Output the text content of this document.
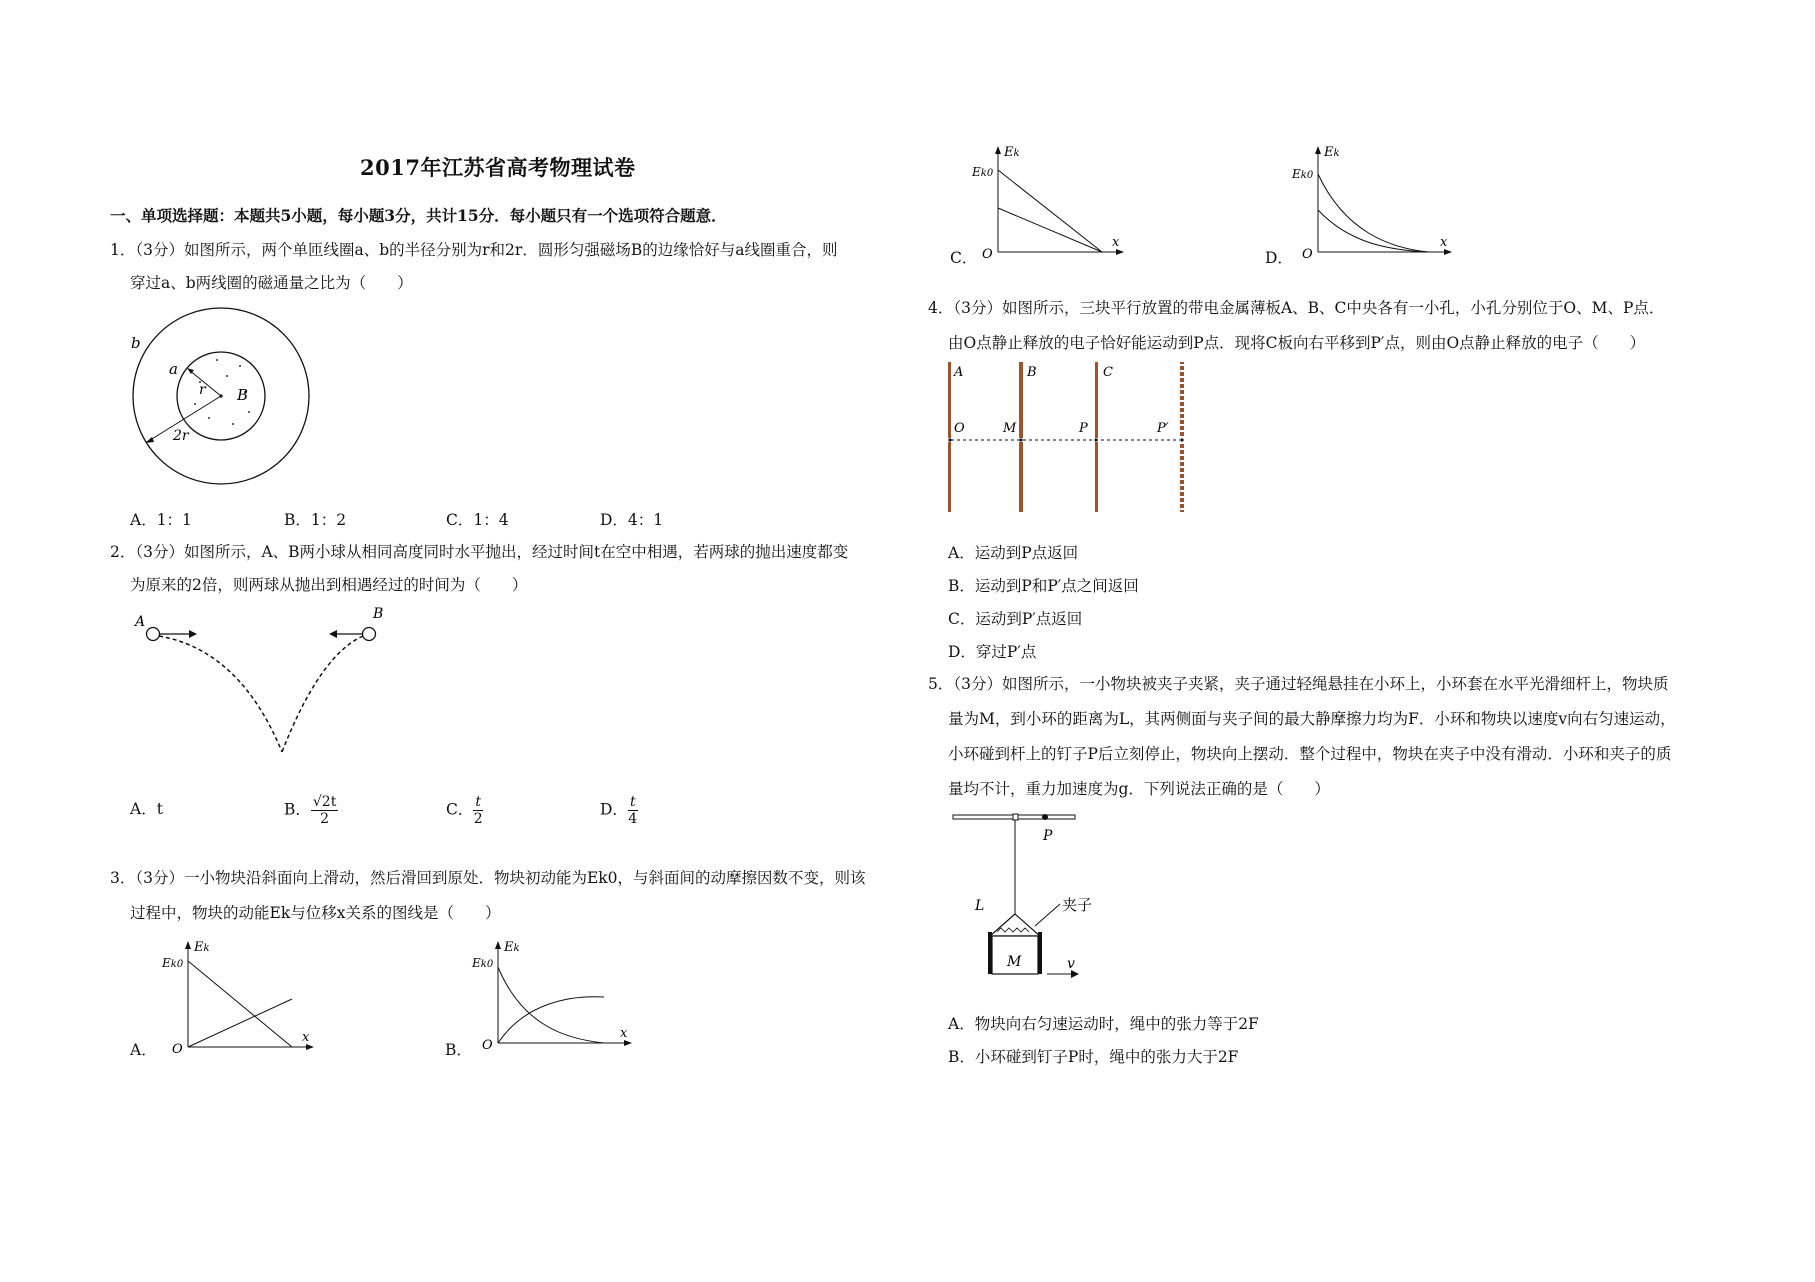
2017年江苏省高考物理试卷
一、单项选择题：本题共5小题，每小题3分，共计15分．每小题只有一个选项符合题意．
1．（3分）如图所示，两个单匝线圈a、b的半径分别为r和2r．圆形匀强磁场B的边缘恰好与a线圈重合，则
穿过a、b两线圈的磁通量之比为（　　）
b
a
r B
2r
A．1：1	B．1：2	C．1：4	D．4：1
2．（3分）如图所示，A、B两小球从相同高度同时水平抛出，经过时间t在空中相遇，若两球的抛出速度都变
为原来的2倍，则两球从抛出到相遇经过的时间为（　　）
A	B
A．t	B． $\frac{√2t}{2}$	C． $\frac{t}{2}$	D． $\frac{t}{4}$
3．（3分）一小物块沿斜面向上滑动，然后滑回到原处．物块初动能为Ek0，与斜面间的动摩擦因数不变，则该
过程中，物块的动能Ek与位移x关系的图线是（　　）
A．
Ek
Ek0
O
x
B．
Ek
Ek0
O
x
C．
Ek
Ek0
O
x
D．
Ek
Ek0
O
x
4．（3分）如图所示，三块平行放置的带电金属薄板A、B、C中央各有一小孔，小孔分别位于O、M、P点．
由O点静止释放的电子恰好能运动到P点．现将C板向右平移到P′点，则由O点静止释放的电子（　　）
A	B	C
O	M	P	P′
A．运动到P点返回
B．运动到P和P′点之间返回
C．运动到P′点返回
D．穿过P′点
5．（3分）如图所示，一小物块被夹子夹紧，夹子通过轻绳悬挂在小环上，小环套在水平光滑细杆上，物块质
量为M，到小环的距离为L，其两侧面与夹子间的最大静摩擦力均为F．小环和物块以速度v向右匀速运动，
小环碰到杆上的钉子P后立刻停止，物块向上摆动．整个过程中，物块在夹子中没有滑动．小环和夹子的质
量均不计，重力加速度为g．下列说法正确的是（　　）
P
L	夹子
M	v
A．物块向右匀速运动时，绳中的张力等于2F
B．小环碰到钉子P时，绳中的张力大于2F
